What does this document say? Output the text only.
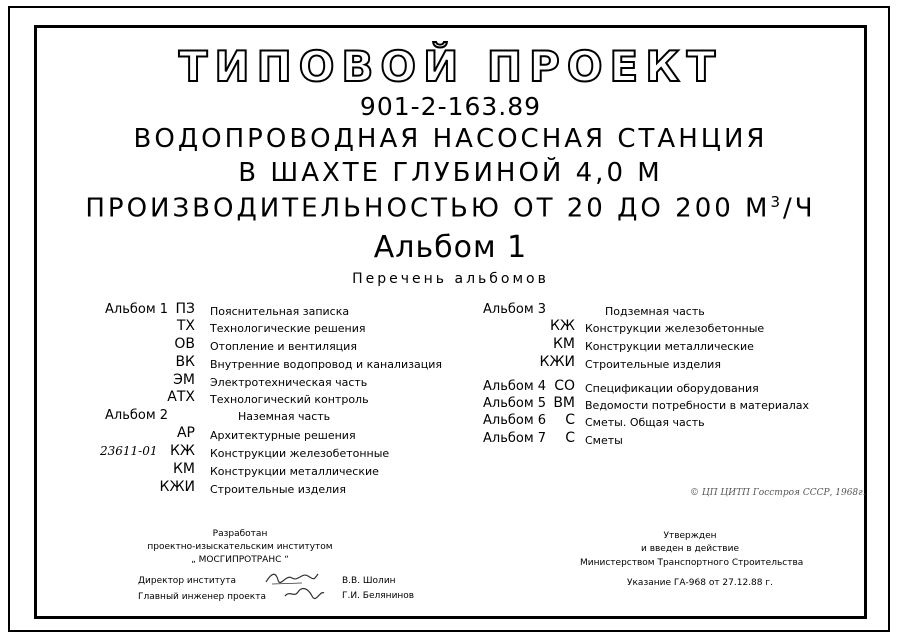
ТИПОВОЙ ПРОЕКТ
901-2-163.89
ВОДОПРОВОДНАЯ НАСОСНАЯ СТАНЦИЯ
В ШАХТЕ ГЛУБИНОЙ 4,0 М
ПРОИЗВОДИТЕЛЬНОСТЬЮ ОТ 20 ДО 200 $М^3/Ч$
Альбом 1
Перечень альбомов
Альбом 1 ПЗ Пояснительная записка
ТХ Технологические решения
ОВ Отопление и вентиляция
ВК Внутренние водопровод и канализация
ЭМ Электротехническая часть
АТХ Технологический контроль
Альбом 2	Наземная часть
АР Архитектурные решения
23611-01 КЖ Конструкции железобетонные
КМ Конструкции металлические
КЖИ Строительные изделия
Альбом 3	Подземная часть
КЖ Конструкции железобетонные
КМ Конструкции металлические
КЖИ Строительные изделия
Альбом 4 СО Спецификации оборудования
Альбом 5 ВМ Ведомости потребности в материалах
Альбом 6	С Сметы. Общая часть
Альбом 7	С Сметы
© ЦП ЦИТП Госстроя СССР, 1968г.
Разработан
проектно-изыскательским институтом
„ МОСГИПРОТРАНС “
Директор института	В.В. Шолин
Главный инженер проекта	Г.И. Белянинов
Утвержден
и введен в действие
Министерством Транспортного Строительства
Указание ГА-968 от 27.12.88 г.
